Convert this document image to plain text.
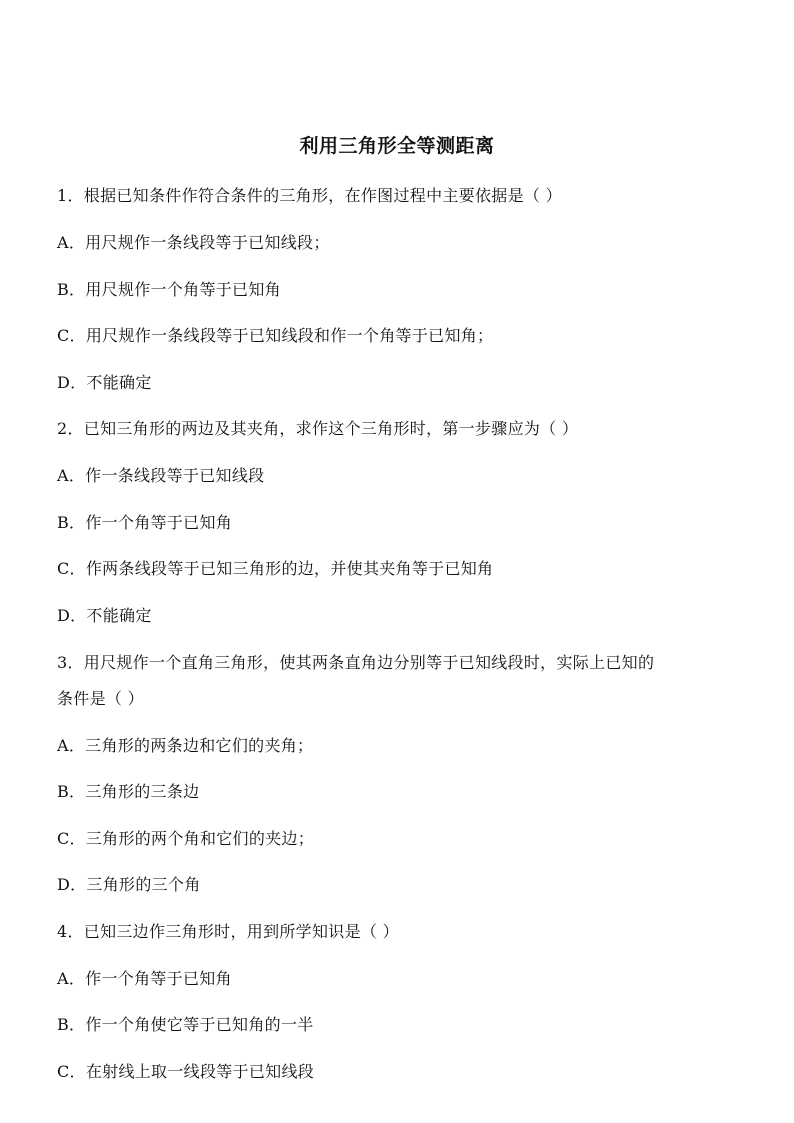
利用三角形全等测距离
1．根据已知条件作符合条件的三角形，在作图过程中主要依据是（ ）
A．用尺规作一条线段等于已知线段；
B．用尺规作一个角等于已知角
C．用尺规作一条线段等于已知线段和作一个角等于已知角；
D．不能确定
2．已知三角形的两边及其夹角，求作这个三角形时，第一步骤应为（ ）
A．作一条线段等于已知线段
B．作一个角等于已知角
C．作两条线段等于已知三角形的边，并使其夹角等于已知角
D．不能确定
3．用尺规作一个直角三角形，使其两条直角边分别等于已知线段时，实际上已知的
条件是（ ）
A．三角形的两条边和它们的夹角；
B．三角形的三条边
C．三角形的两个角和它们的夹边；
D．三角形的三个角
4．已知三边作三角形时，用到所学知识是（ ）
A．作一个角等于已知角
B．作一个角使它等于已知角的一半
C．在射线上取一线段等于已知线段
